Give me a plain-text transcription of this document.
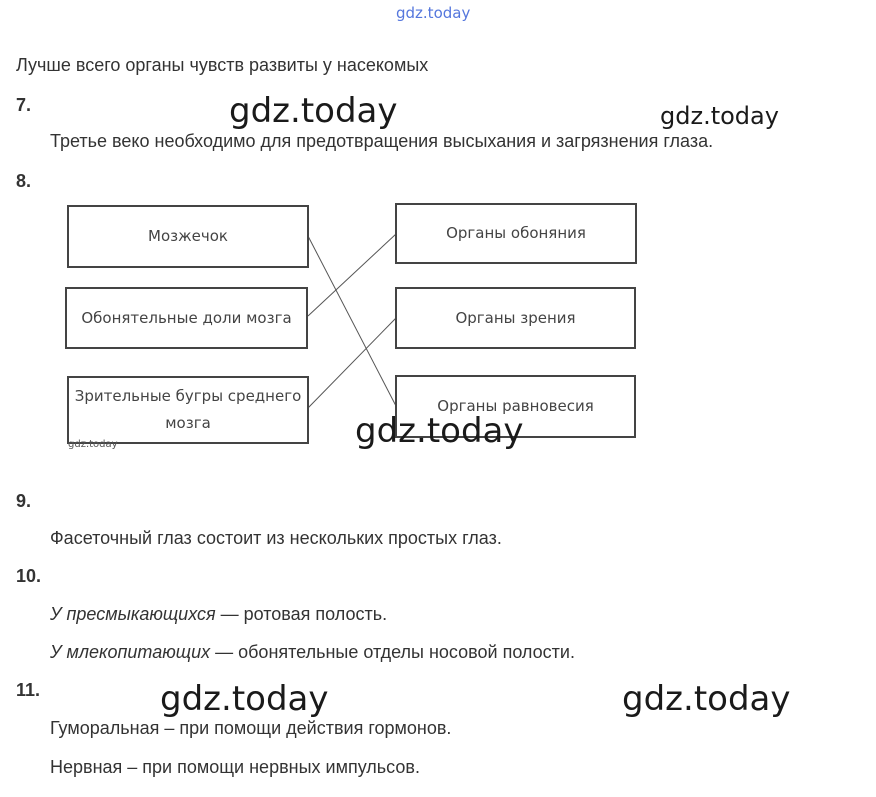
gdz.today
Лучше всего органы чувств развиты у насекомых
7.	gdz.today	gdz.today
Третье веко необходимо для предотвращения высыхания и загрязнения глаза.
8.
Мозжечок
Обонятельные доли мозга
Зрительные бугры среднего мозга
Органы обоняния
Органы зрения
Органы равновесия
gdz.today	gdz.today
9.
Фасеточный глаз состоит из нескольких простых глаз.
10.
У пресмыкающихся — ротовая полость.
У млекопитающих — обонятельные отделы носовой полости.
11.	gdz.today	gdz.today
Гуморальная – при помощи действия гормонов.
Нервная – при помощи нервных импульсов.
